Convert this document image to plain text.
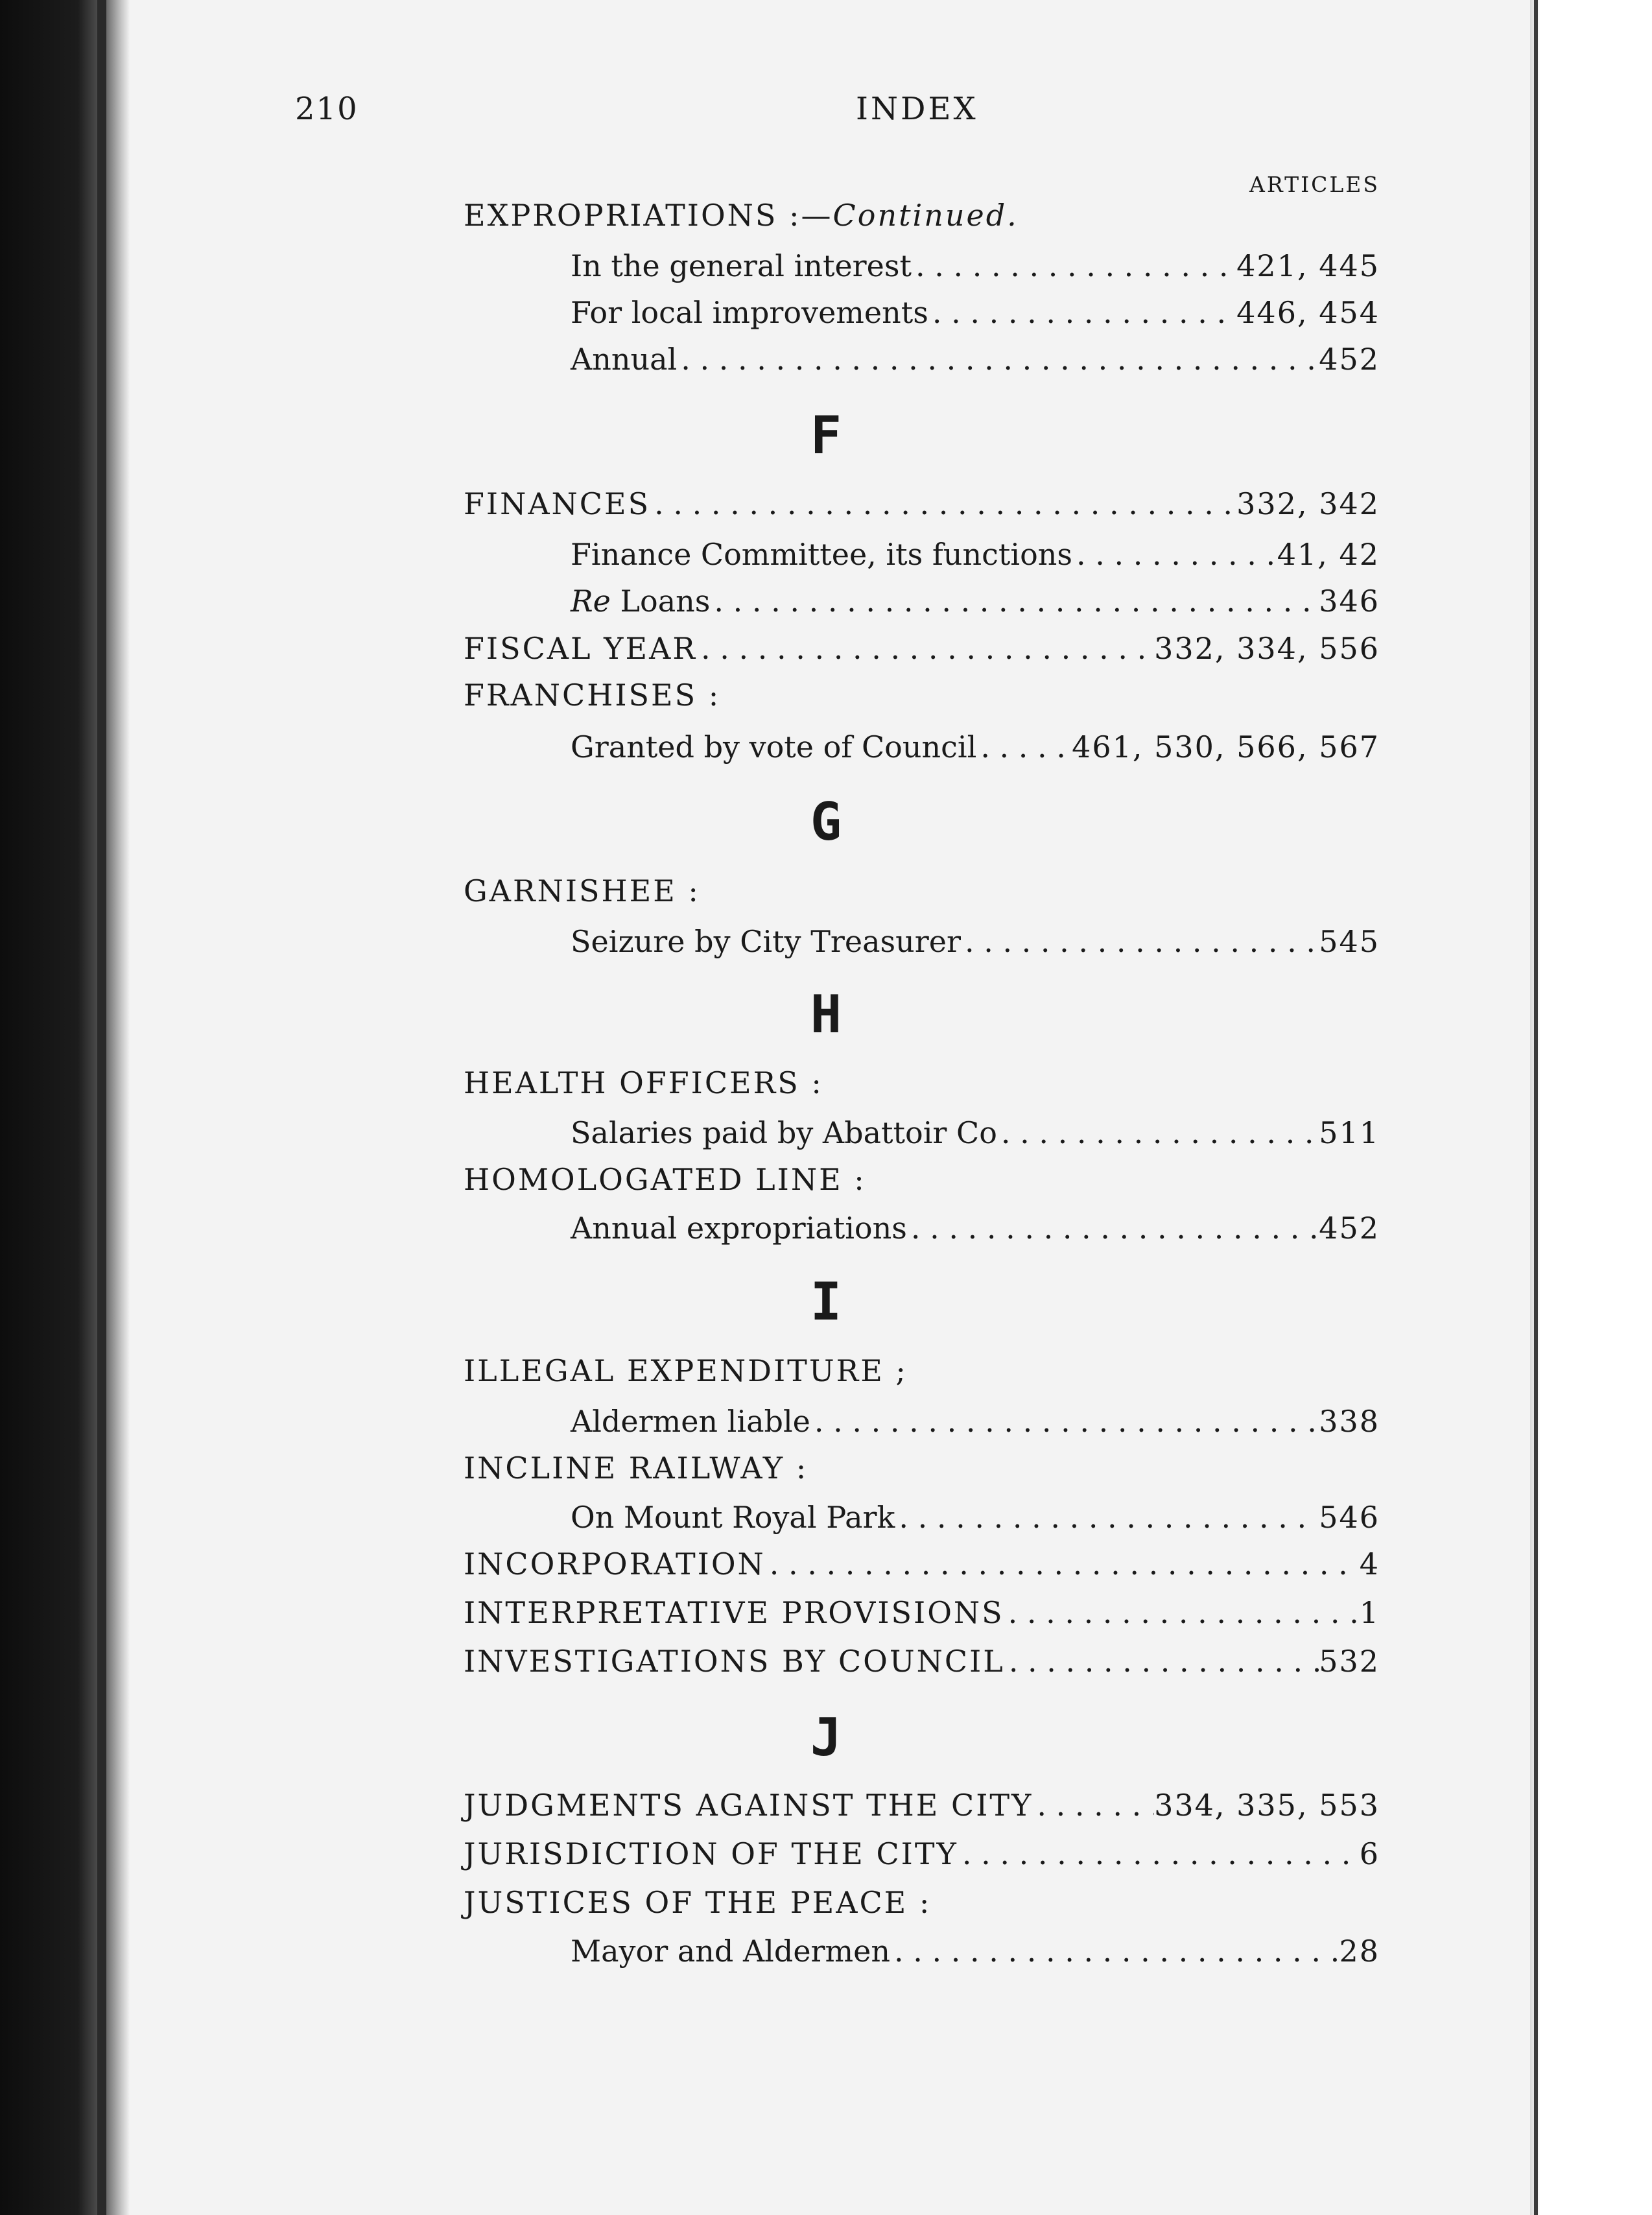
210	INDEX
ARTICLES
EXPROPRIATIONS :—Continued.
In the general interest . . .	421, 445
For local improvements . . .	446, 454
Annual . . .	452
F
FINANCES . . .	332, 342
Finance Committee, its functions . . .	41, 42
Re Loans . . .	346
FISCAL YEAR . . .	332, 334, 556
FRANCHISES :
Granted by vote of Council . . .	461, 530, 566, 567
G
GARNISHEE :
Seizure by City Treasurer . . .	545
H
HEALTH OFFICERS :
Salaries paid by Abattoir Co . . .	511
HOMOLOGATED LINE :
Annual expropriations . . .	452
I
ILLEGAL EXPENDITURE ;
Aldermen liable . . .	338
INCLINE RAILWAY :
On Mount Royal Park . . .	546
INCORPORATION . . .	4
INTERPRETATIVE PROVISIONS . . .	1
INVESTIGATIONS BY COUNCIL . . .	532
J
JUDGMENTS AGAINST THE CITY . . .	334, 335, 553
JURISDICTION OF THE CITY . . .	6
JUSTICES OF THE PEACE :
Mayor and Aldermen . . .	28
